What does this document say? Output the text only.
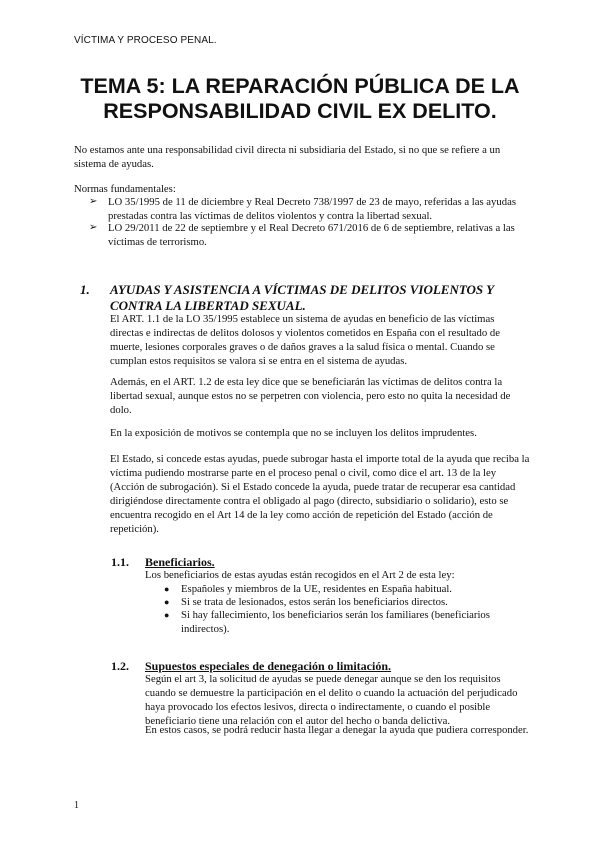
VÍCTIMA Y PROCESO PENAL.
TEMA 5: LA REPARACIÓN PÚBLICA DE LA RESPONSABILIDAD CIVIL EX DELITO.
No estamos ante una responsabilidad civil directa ni subsidiaria del Estado, si no que se refiere a un sistema de ayudas.
Normas fundamentales:
➢ LO 35/1995 de 11 de diciembre y Real Decreto 738/1997 de 23 de mayo, referidas a las ayudas prestadas contra las víctimas de delitos violentos y contra la libertad sexual.
➢ LO 29/2011 de 22 de septiembre y el Real Decreto 671/2016 de 6 de septiembre, relativas a las víctimas de terrorismo.
1. AYUDAS Y ASISTENCIA A VÍCTIMAS DE DELITOS VIOLENTOS Y CONTRA LA LIBERTAD SEXUAL.
El ART. 1.1 de la LO 35/1995 establece un sistema de ayudas en beneficio de las víctimas directas e indirectas de delitos dolosos y violentos cometidos en España con el resultado de muerte, lesiones corporales graves o de daños graves a la salud física o mental. Cuando se cumplan estos requisitos se valora si se entra en el sistema de ayudas.
Además, en el ART. 1.2 de esta ley dice que se beneficiarán las víctimas de delitos contra la libertad sexual, aunque estos no se perpetren con violencia, pero esto no quita la necesidad de dolo.
En la exposición de motivos se contempla que no se incluyen los delitos imprudentes.
El Estado, si concede estas ayudas, puede subrogar hasta el importe total de la ayuda que reciba la víctima pudiendo mostrarse parte en el proceso penal o civil, como dice el art. 13 de la ley (Acción de subrogación). Si el Estado concede la ayuda, puede tratar de recuperar esa cantidad dirigiéndose directamente contra el obligado al pago (directo, subsidiario o solidario), esto se encuentra recogido en el Art 14 de la ley como acción de repetición del Estado (acción de repetición).
1.1. Beneficiarios.
Los beneficiarios de estas ayudas están recogidos en el Art 2 de esta ley:
● Españoles y miembros de la UE, residentes en España habitual.
● Si se trata de lesionados, estos serán los beneficiarios directos.
● Si hay fallecimiento, los beneficiarios serán los familiares (beneficiarios indirectos).
1.2. Supuestos especiales de denegación o limitación.
Según el art 3, la solicitud de ayudas se puede denegar aunque se den los requisitos cuando se demuestre la participación en el delito o cuando la actuación del perjudicado haya provocado los efectos lesivos, directa o indirectamente, o cuando el posible beneficiario tiene una relación con el autor del hecho o banda delictiva.
En estos casos, se podrá reducir hasta llegar a denegar la ayuda que pudiera corresponder.
1
